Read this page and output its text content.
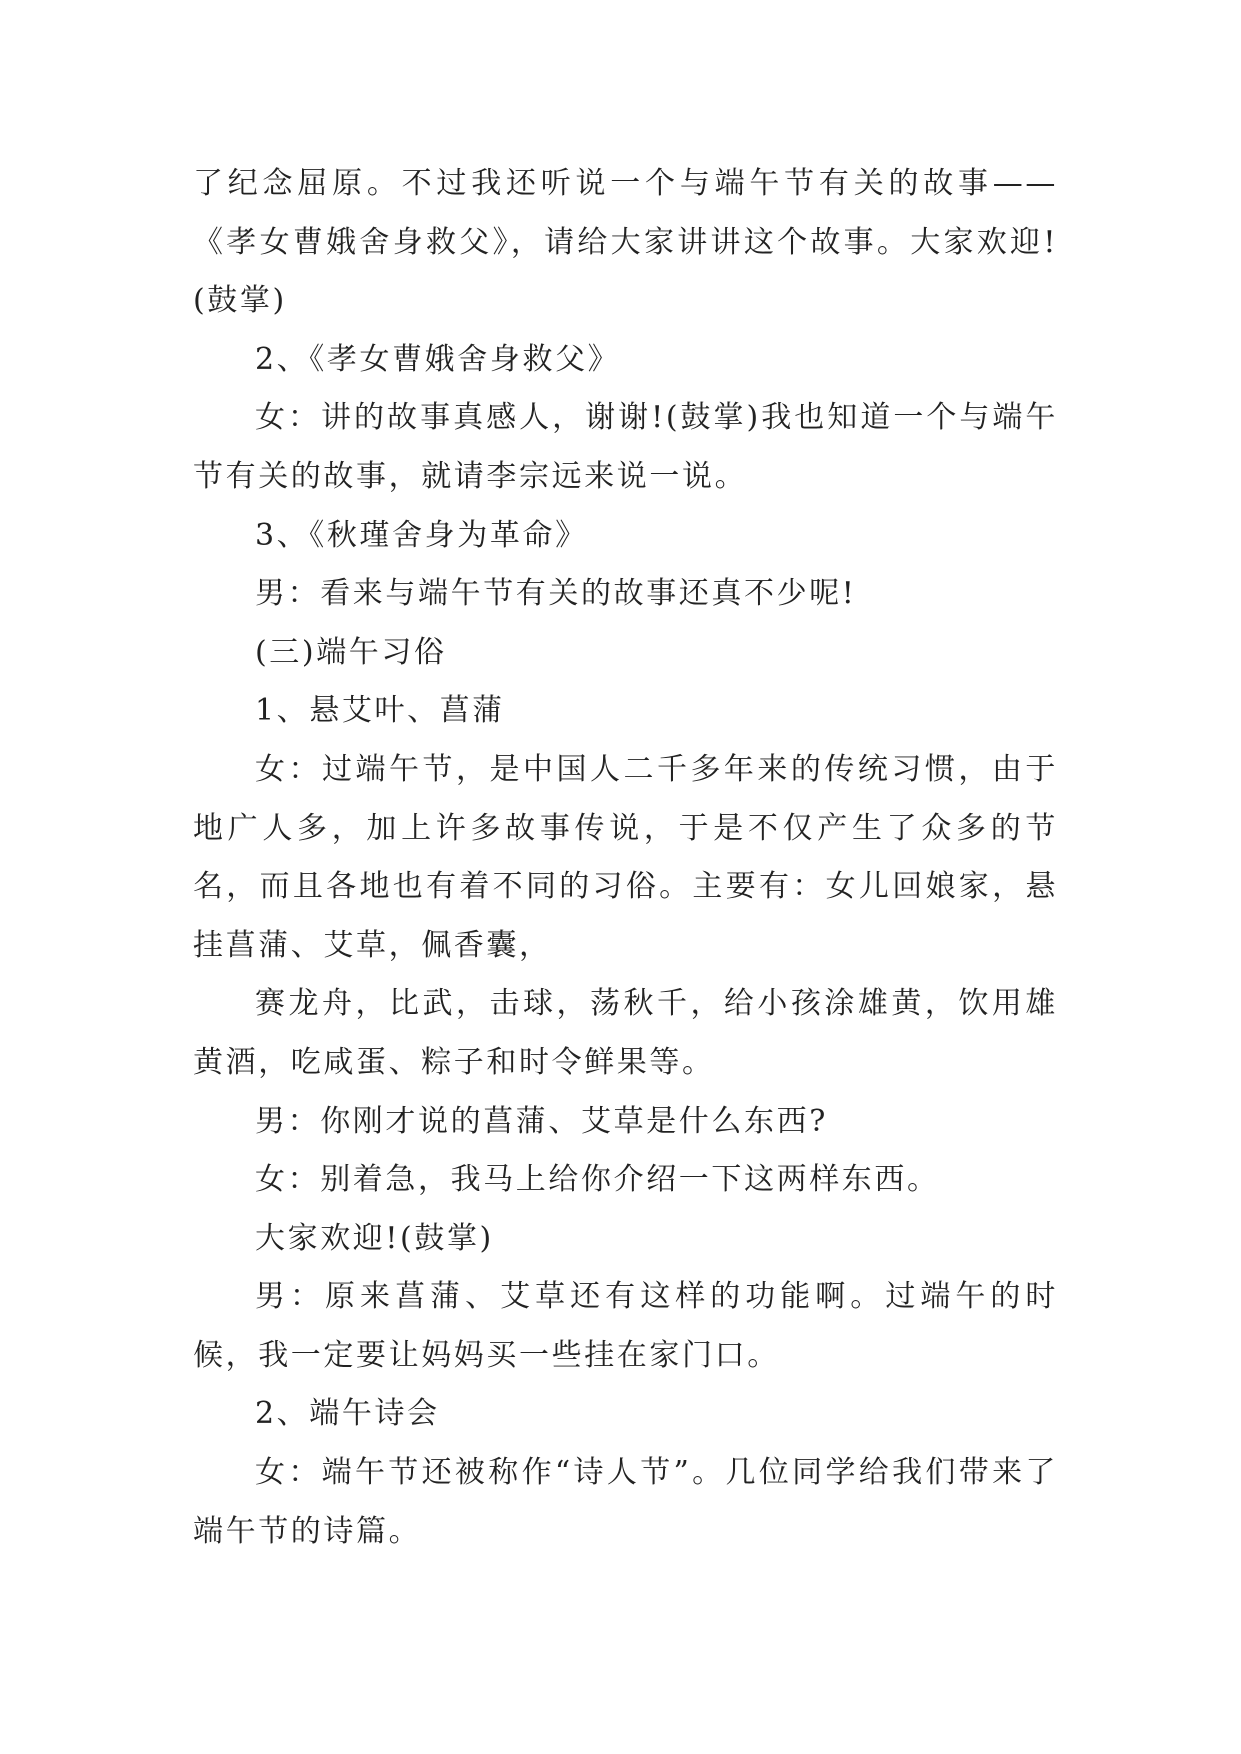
了纪念屈原。不过我还听说一个与端午节有关的故事——《孝女曹娥舍身救父》，请给大家讲讲这个故事。大家欢迎!(鼓掌)

2、《孝女曹娥舍身救父》

女：讲的故事真感人，谢谢!(鼓掌)我也知道一个与端午节有关的故事，就请李宗远来说一说。

3、《秋瑾舍身为革命》

男：看来与端午节有关的故事还真不少呢!

(三)端午习俗

1、悬艾叶、菖蒲

女：过端午节，是中国人二千多年来的传统习惯，由于地广人多，加上许多故事传说，于是不仅产生了众多的节名，而且各地也有着不同的习俗。主要有：女儿回娘家，悬挂菖蒲、艾草，佩香囊，

赛龙舟，比武，击球，荡秋千，给小孩涂雄黄，饮用雄黄酒，吃咸蛋、粽子和时令鲜果等。

男：你刚才说的菖蒲、艾草是什么东西?

女：别着急，我马上给你介绍一下这两样东西。

大家欢迎!(鼓掌)

男：原来菖蒲、艾草还有这样的功能啊。过端午的时候，我一定要让妈妈买一些挂在家门口。

2、端午诗会

女：端午节还被称作“诗人节”。几位同学给我们带来了端午节的诗篇。
